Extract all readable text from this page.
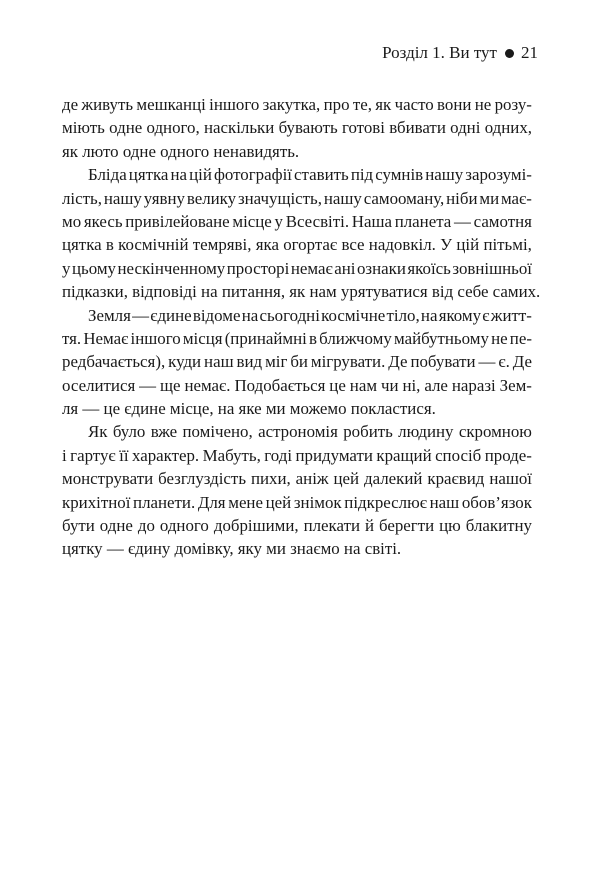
Розділ 1. Ви тут 21
де живуть мешканці іншого закутка, про те, як часто вони не розу-
міють одне одного, наскільки бувають готові вбивати одні одних,
як люто одне одного ненавидять.
Бліда цятка на цій фотографії ставить під сумнів нашу зарозумі-
лість, нашу уявну велику значущість, нашу самооману, ніби ми має-
мо якесь привілейоване місце у Всесвіті. Наша планета — самотня
цятка в космічній темряві, яка огортає все надовкіл. У цій пітьмі,
у цьому нескінченному просторі немає ані ознаки якоїсь зовнішньої
підказки, відповіді на питання, як нам урятуватися від себе самих.
Земля — єдине відоме на сьогодні космічне тіло, на якому є житт-
тя. Немає іншого місця (принаймні в ближчому майбутньому не пе-
редбачається), куди наш вид міг би мігрувати. Де побувати — є. Де
оселитися — ще немає. Подобається це нам чи ні, але наразі Зем-
ля — це єдине місце, на яке ми можемо покластися.
Як було вже помічено, астрономія робить людину скромною
і гартує її характер. Мабуть, годі придумати кращий спосіб проде-
монструвати безглуздість пихи, аніж цей далекий краєвид нашої
крихітної планети. Для мене цей знімок підкреслює наш обов’язок
бути одне до одного добрішими, плекати й берегти цю блакитну
цятку — єдину домівку, яку ми знаємо на світі.
